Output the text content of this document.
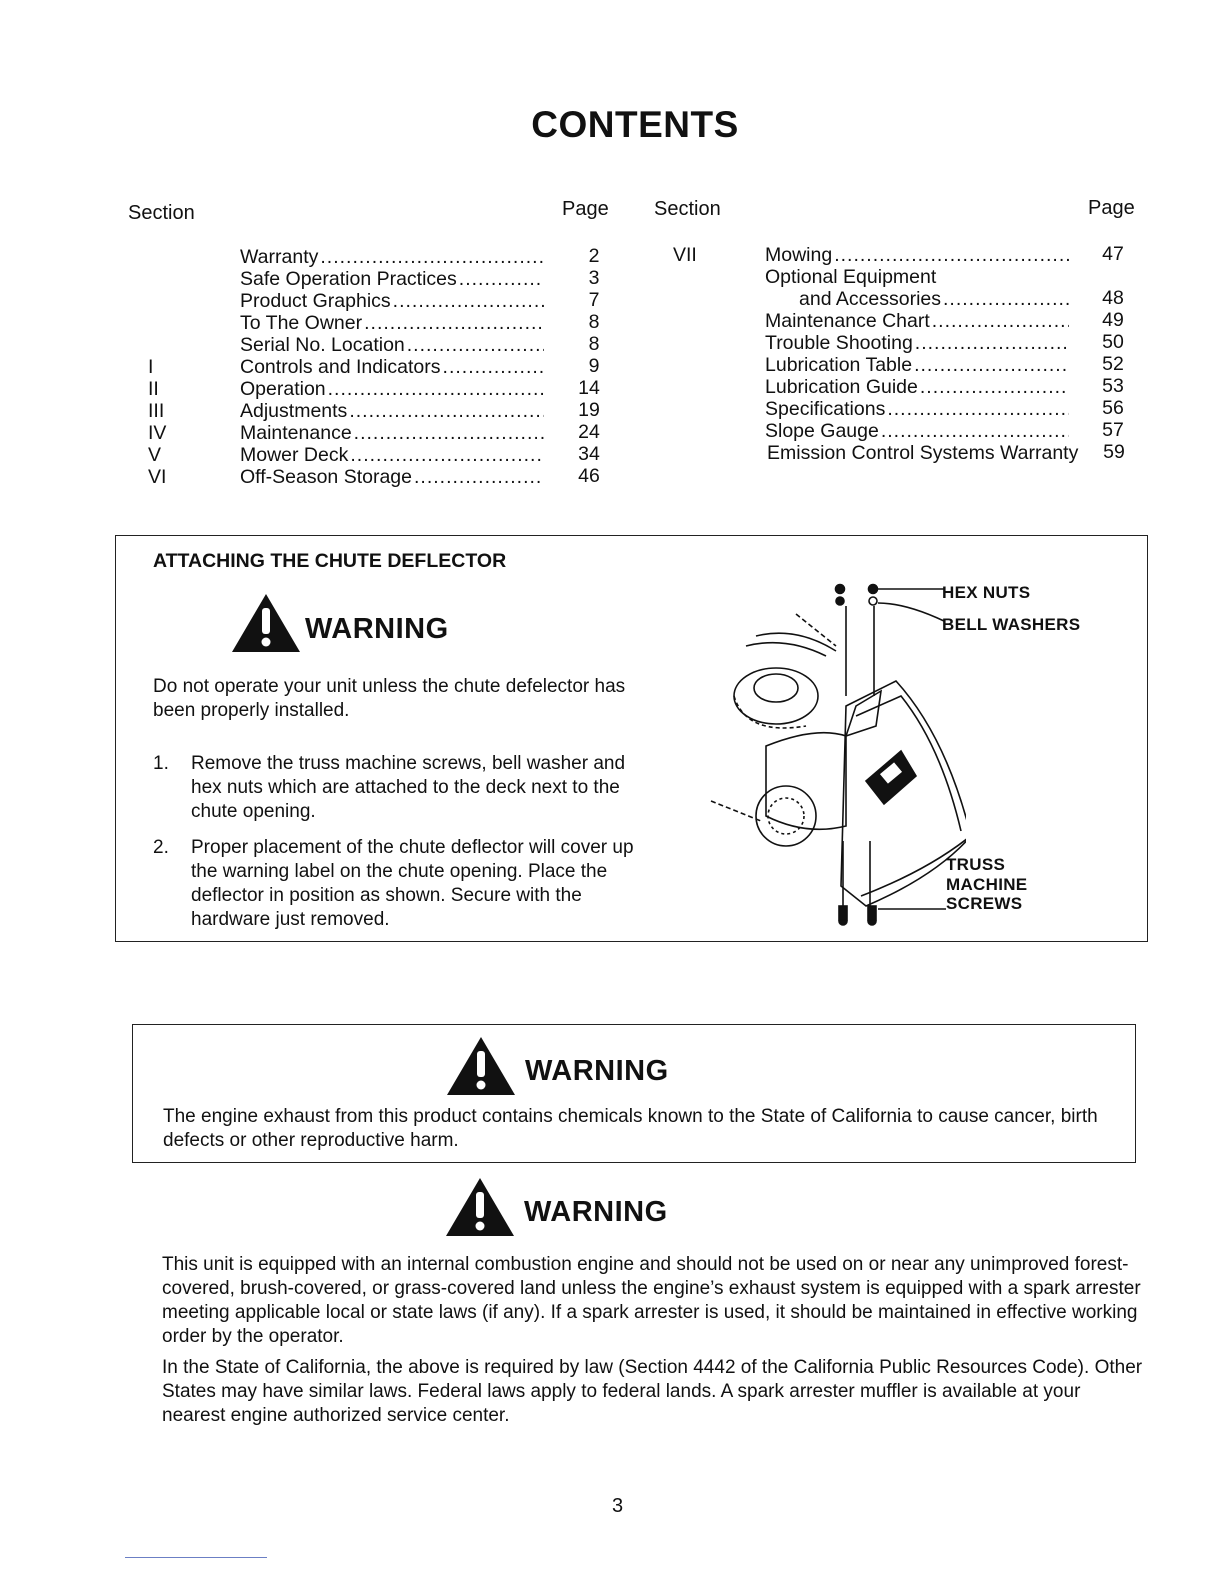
CONTENTS
Section	Page Section	Page
Warranty .....	2
Safe Operation Practices .....	3
Product Graphics .....	7
To The Owner .....	8
Serial No. Location .....	8
I	Controls and Indicators .....	9
II	Operation .....	14
III	Adjustments .....	19
IV	Maintenance .....	24
V	Mower Deck .....	34
VI	Off-Season Storage .....	46
VII	Mowing .....	47
Optional Equipment
and Accessories .....	48
Maintenance Chart .....	49
Trouble Shooting .....	50
Lubrication Table .....	52
Lubrication Guide .....	53
Specifications .....	56
Slope Gauge .....	57
Emission Control Systems Warranty	59
ATTACHING THE CHUTE DEFLECTOR
WARNING
Do not operate your unit unless the chute defelector has been properly installed.
1. Remove the truss machine screws, bell washer and hex nuts which are attached to the deck next to the chute opening.
2. Proper placement of the chute deflector will cover up the warning label on the chute opening. Place the deflector in position as shown. Secure with the hardware just removed.
HEX NUTS
BELL WASHERS
TRUSS
MACHINE
SCREWS
WARNING
The engine exhaust from this product contains chemicals known to the State of California to cause cancer, birth defects or other reproductive harm.
WARNING
This unit is equipped with an internal combustion engine and should not be used on or near any unimproved forest-covered, brush-covered, or grass-covered land unless the engine’s exhaust system is equipped with a spark arrester meeting applicable local or state laws (if any). If a spark arrester is used, it should be maintained in effective working order by the operator.
In the State of California, the above is required by law (Section 4442 of the California Public Resources Code). Other States may have similar laws. Federal laws apply to federal lands. A spark arrester muffler is available at your nearest engine authorized service center.
3
